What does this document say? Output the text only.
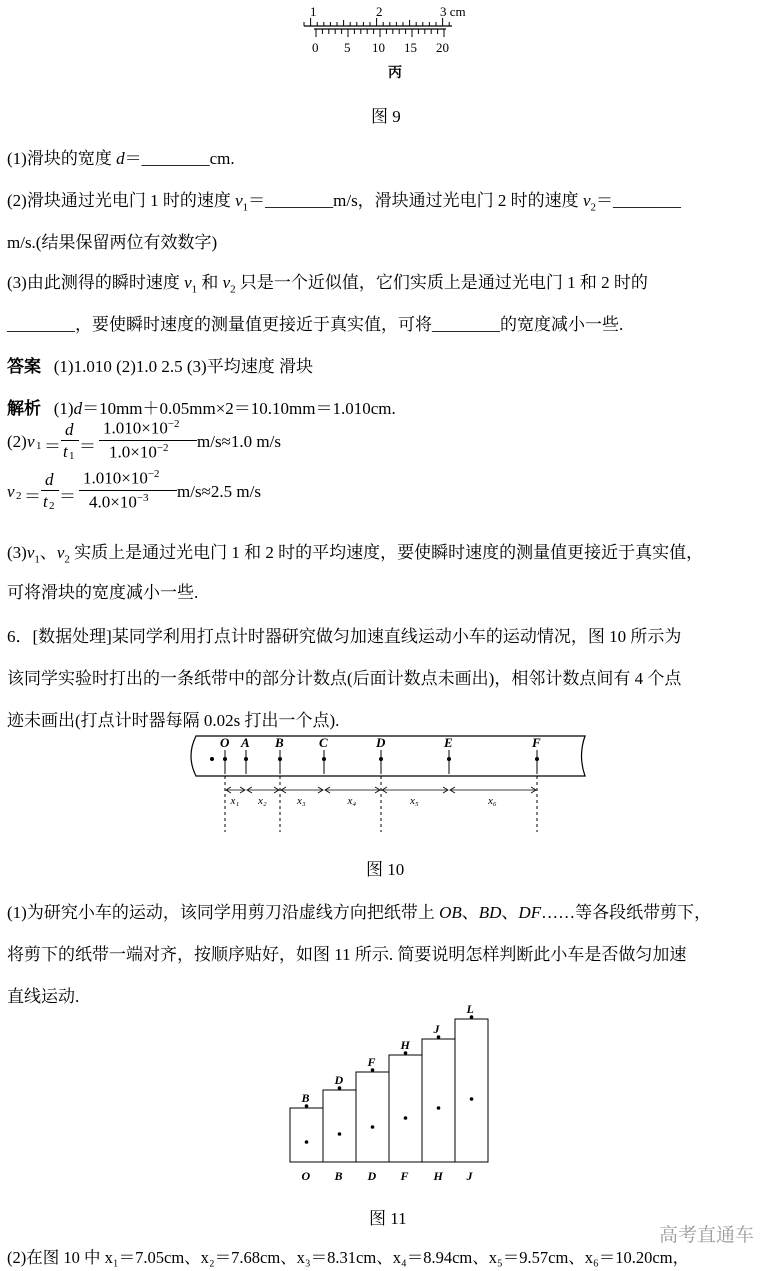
1	2	3 cm
0 5 10 15 20
丙
图 9
(1)滑块的宽度 d＝________cm.
(2)滑块通过光电门 1 时的速度 $v_1=\_\_\_\_\_\_\_\_m/s$，滑块通过光电门 2 时的速度 $v_2=\_\_\_\_\_\_\_\_$
m/s.(结果保留两位有效数字)
(3)由此测得的瞬时速度 $v_1$ 和 $v_2$ 只是一个近似值，它们实质上是通过光电门 1 和 2 时的
________，要使瞬时速度的测量值更接近于真实值，可将________的宽度减小一些.
答案 (1)1.010 (2)1.0 2.5 (3)平均速度 滑块
解析 (1)d＝10mm＋0.05mm×2＝10.10mm＝1.010cm.
(2) v 1 ＝
d
t 1 ＝
$1.010\times 10^{-2}$
$1.0\times 10^{-2}$ m/s≈1.0 m/s
v 2 ＝
d
t 2 ＝
$1.010\times 10^{-2}$
$4.0\times 10^{-3}$ m/s≈2.5 m/s
$(3)v_1$、$v_2$ 实质上是通过光电门 1 和 2 时的平均速度，要使瞬时速度的测量值更接近于真实值，
可将滑块的宽度减小一些.
6．[数据处理]某同学利用打点计时器研究做匀加速直线运动小车的运动情况，图 10 所示为
该同学实验时打出的一条纸带中的部分计数点(后面计数点未画出)，相邻计数点间有 4 个点
迹未画出(打点计时器每隔 0.02s 打出一个点).
O A B	C	D	E	F
x₁ x₂	x₃	x₄	x₅	x₆
图 10
(1)为研究小车的运动，该同学用剪刀沿虚线方向把纸带上 OB、BD、DF……等各段纸带剪下，
将剪下的纸带一端对齐，按顺序贴好，如图 11 所示. 简要说明怎样判断此小车是否做匀加速
直线运动.
B
O
D
B
F
D
H
F
J
H
L
J
图 11
高考直通车
(2)在图 10 中 x₁＝7.05cm、x₂＝7.68cm、x₃＝8.31cm、x₄＝8.94cm、x₅＝9.57cm、x₆＝10.20cm，
